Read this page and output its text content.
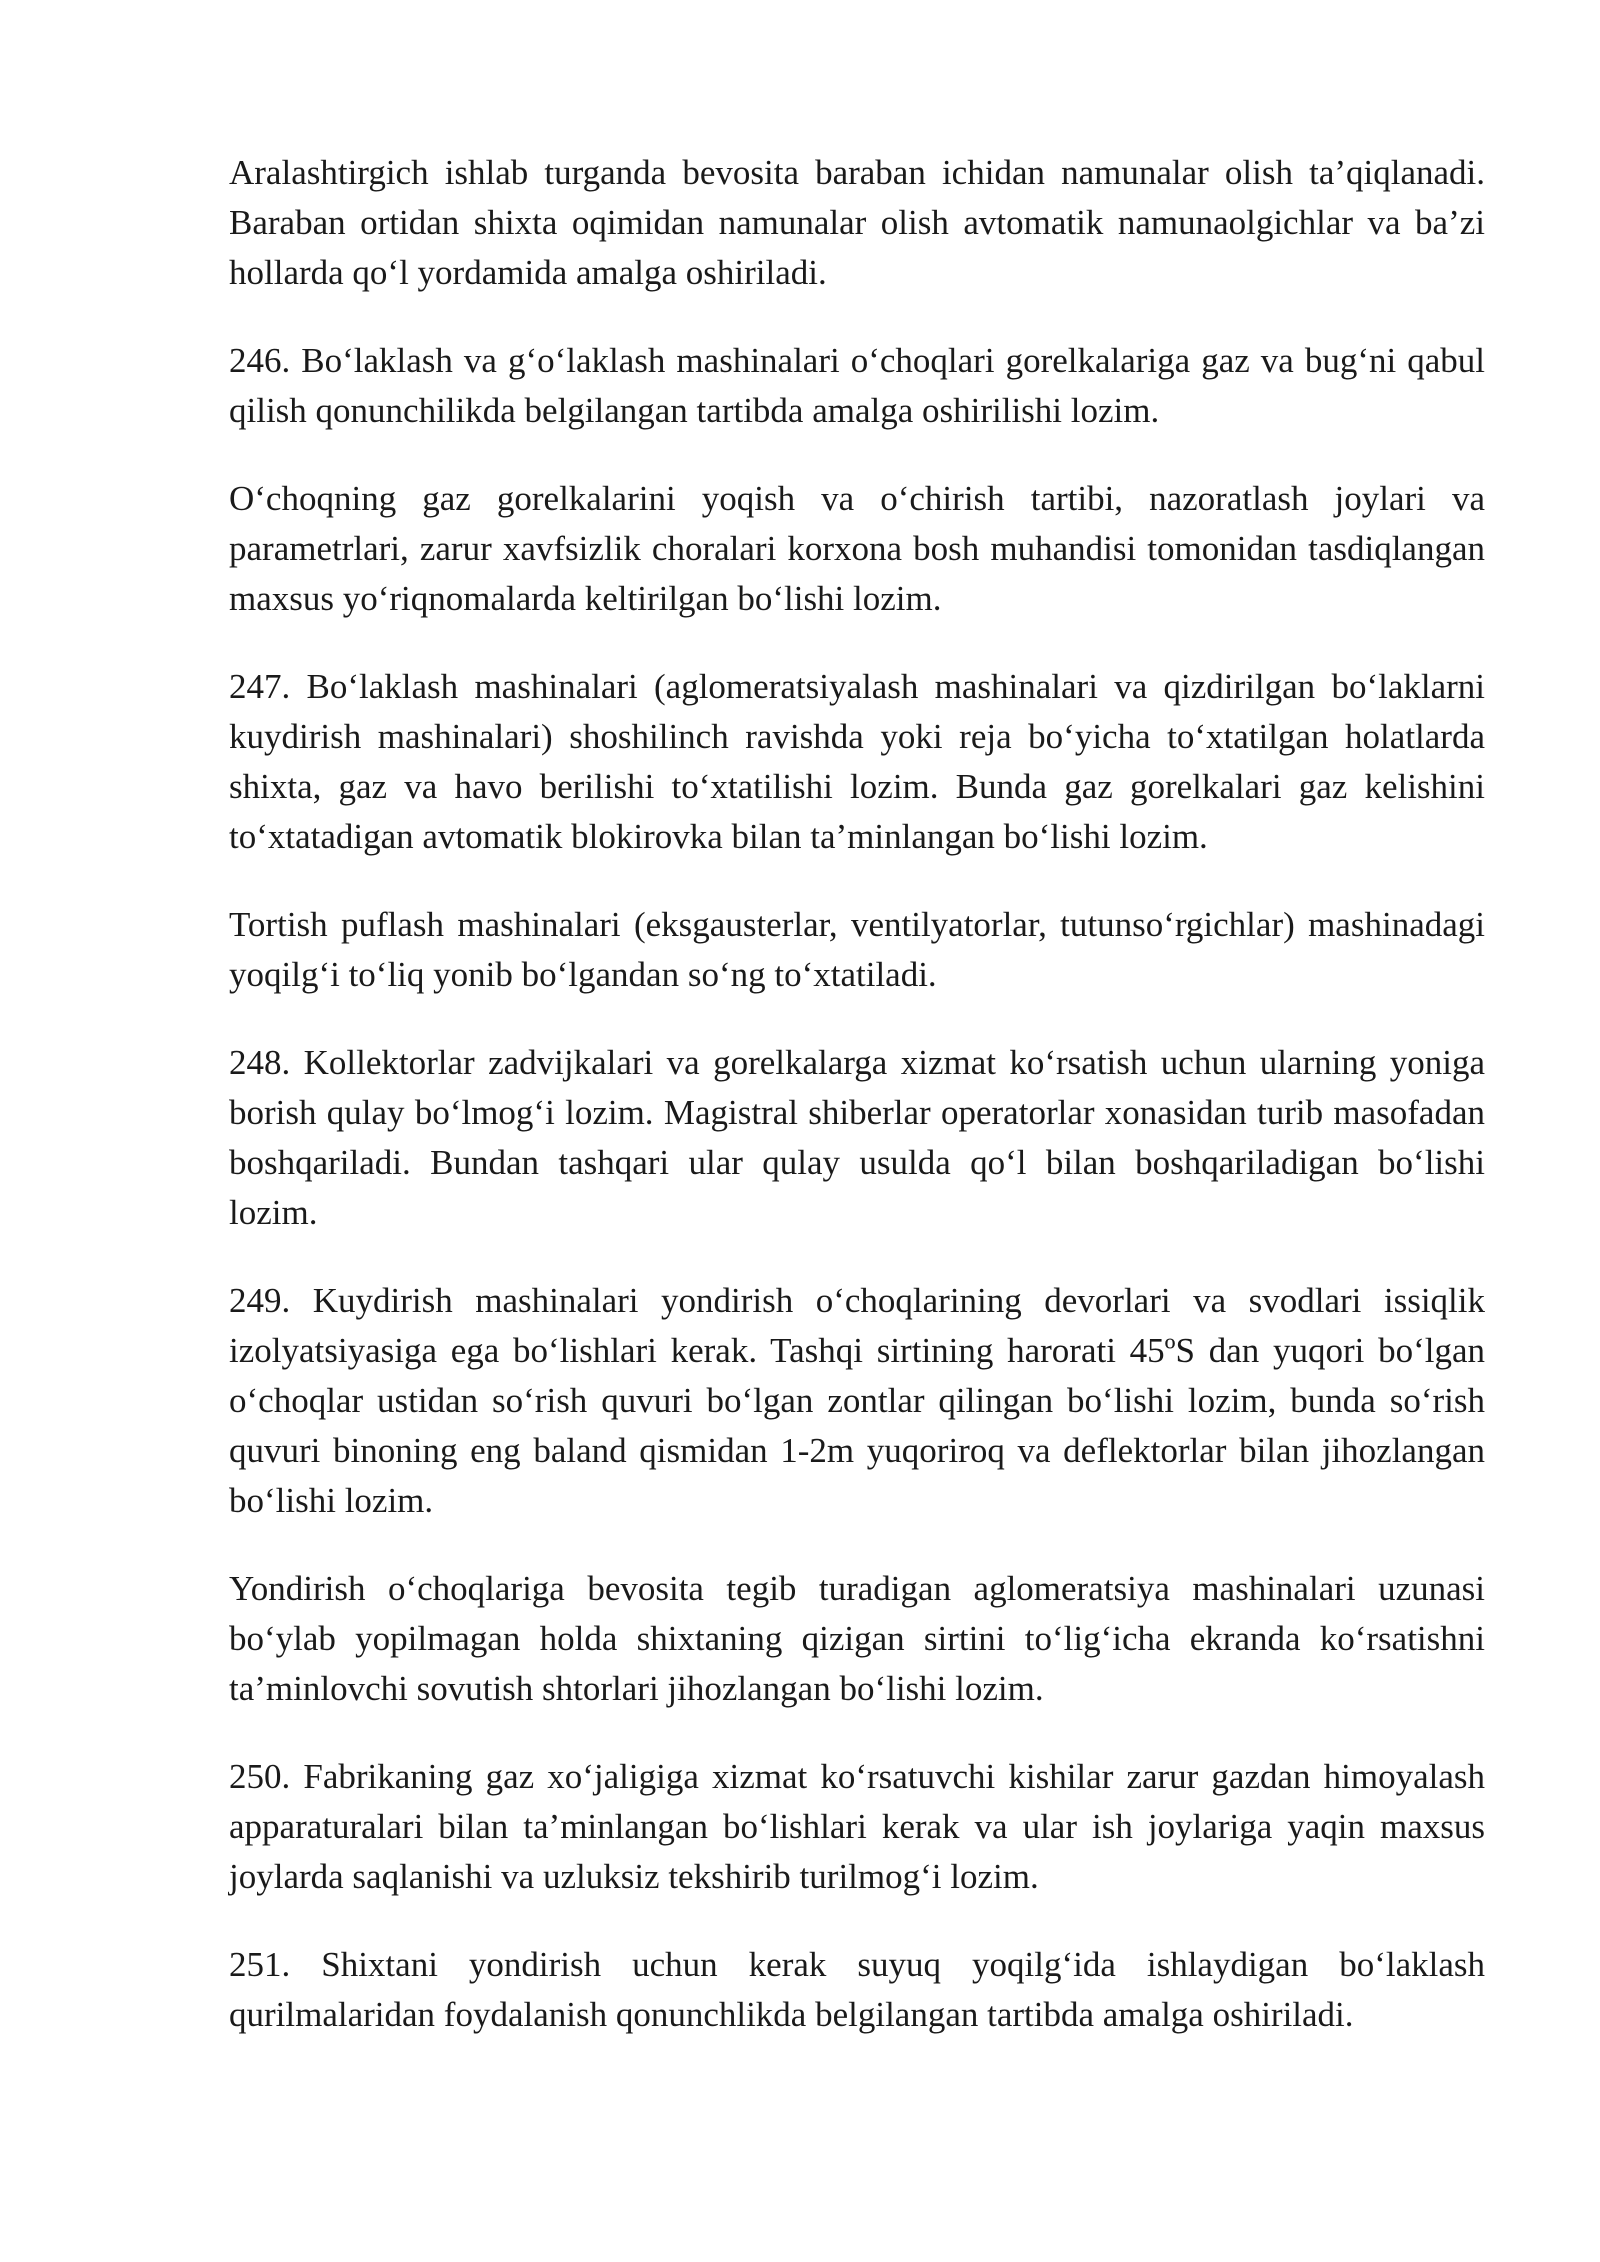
Aralashtirgich ishlab turganda bevosita baraban ichidan namunalar olish ta’qiqlanadi. Baraban ortidan shixta oqimidan namunalar olish avtomatik namunaolgichlar va ba’zi hollarda qo‘l yordamida amalga oshiriladi.

246. Bo‘laklash va g‘o‘laklash mashinalari o‘choqlari gorelkalariga gaz va bug‘ni qabul qilish qonunchilikda belgilangan tartibda amalga oshirilishi lozim.

O‘choqning gaz gorelkalarini yoqish va o‘chirish tartibi, nazoratlash joylari va parametrlari, zarur xavfsizlik choralari korxona bosh muhandisi tomonidan tasdiqlangan maxsus yo‘riqnomalarda keltirilgan bo‘lishi lozim.

247. Bo‘laklash mashinalari (aglomeratsiyalash mashinalari va qizdirilgan bo‘laklarni kuydirish mashinalari) shoshilinch ravishda yoki reja bo‘yicha to‘xtatilgan holatlarda shixta, gaz va havo berilishi to‘xtatilishi lozim. Bunda gaz gorelkalari gaz kelishini to‘xtatadigan avtomatik blokirovka bilan ta’minlangan bo‘lishi lozim.

Tortish puflash mashinalari (eksgausterlar, ventilyatorlar, tutunso‘rgichlar) mashinadagi yoqilg‘i to‘liq yonib bo‘lgandan so‘ng to‘xtatiladi.

248. Kollektorlar zadvijkalari va gorelkalarga xizmat ko‘rsatish uchun ularning yoniga borish qulay bo‘lmog‘i lozim. Magistral shiberlar operatorlar xonasidan turib masofadan boshqariladi. Bundan tashqari ular qulay usulda qo‘l bilan boshqariladigan bo‘lishi lozim.

249. Kuydirish mashinalari yondirish o‘choqlarining devorlari va svodlari issiqlik izolyatsiyasiga ega bo‘lishlari kerak. Tashqi sirtining harorati 45ºS dan yuqori bo‘lgan o‘choqlar ustidan so‘rish quvuri bo‘lgan zontlar qilingan bo‘lishi lozim, bunda so‘rish quvuri binoning eng baland qismidan 1-2m yuqoriroq va deflektorlar bilan jihozlangan bo‘lishi lozim.

Yondirish o‘choqlariga bevosita tegib turadigan aglomeratsiya mashinalari uzunasi bo‘ylab yopilmagan holda shixtaning qizigan sirtini to‘lig‘icha ekranda ko‘rsatishni ta’minlovchi sovutish shtorlari jihozlangan bo‘lishi lozim.

250. Fabrikaning gaz xo‘jaligiga xizmat ko‘rsatuvchi kishilar zarur gazdan himoyalash apparaturalari bilan ta’minlangan bo‘lishlari kerak va ular ish joylariga yaqin maxsus joylarda saqlanishi va uzluksiz tekshirib turilmog‘i lozim.

251. Shixtani yondirish uchun kerak suyuq yoqilg‘ida ishlaydigan bo‘laklash qurilmalaridan foydalanish qonunchlikda belgilangan tartibda amalga oshiriladi.
